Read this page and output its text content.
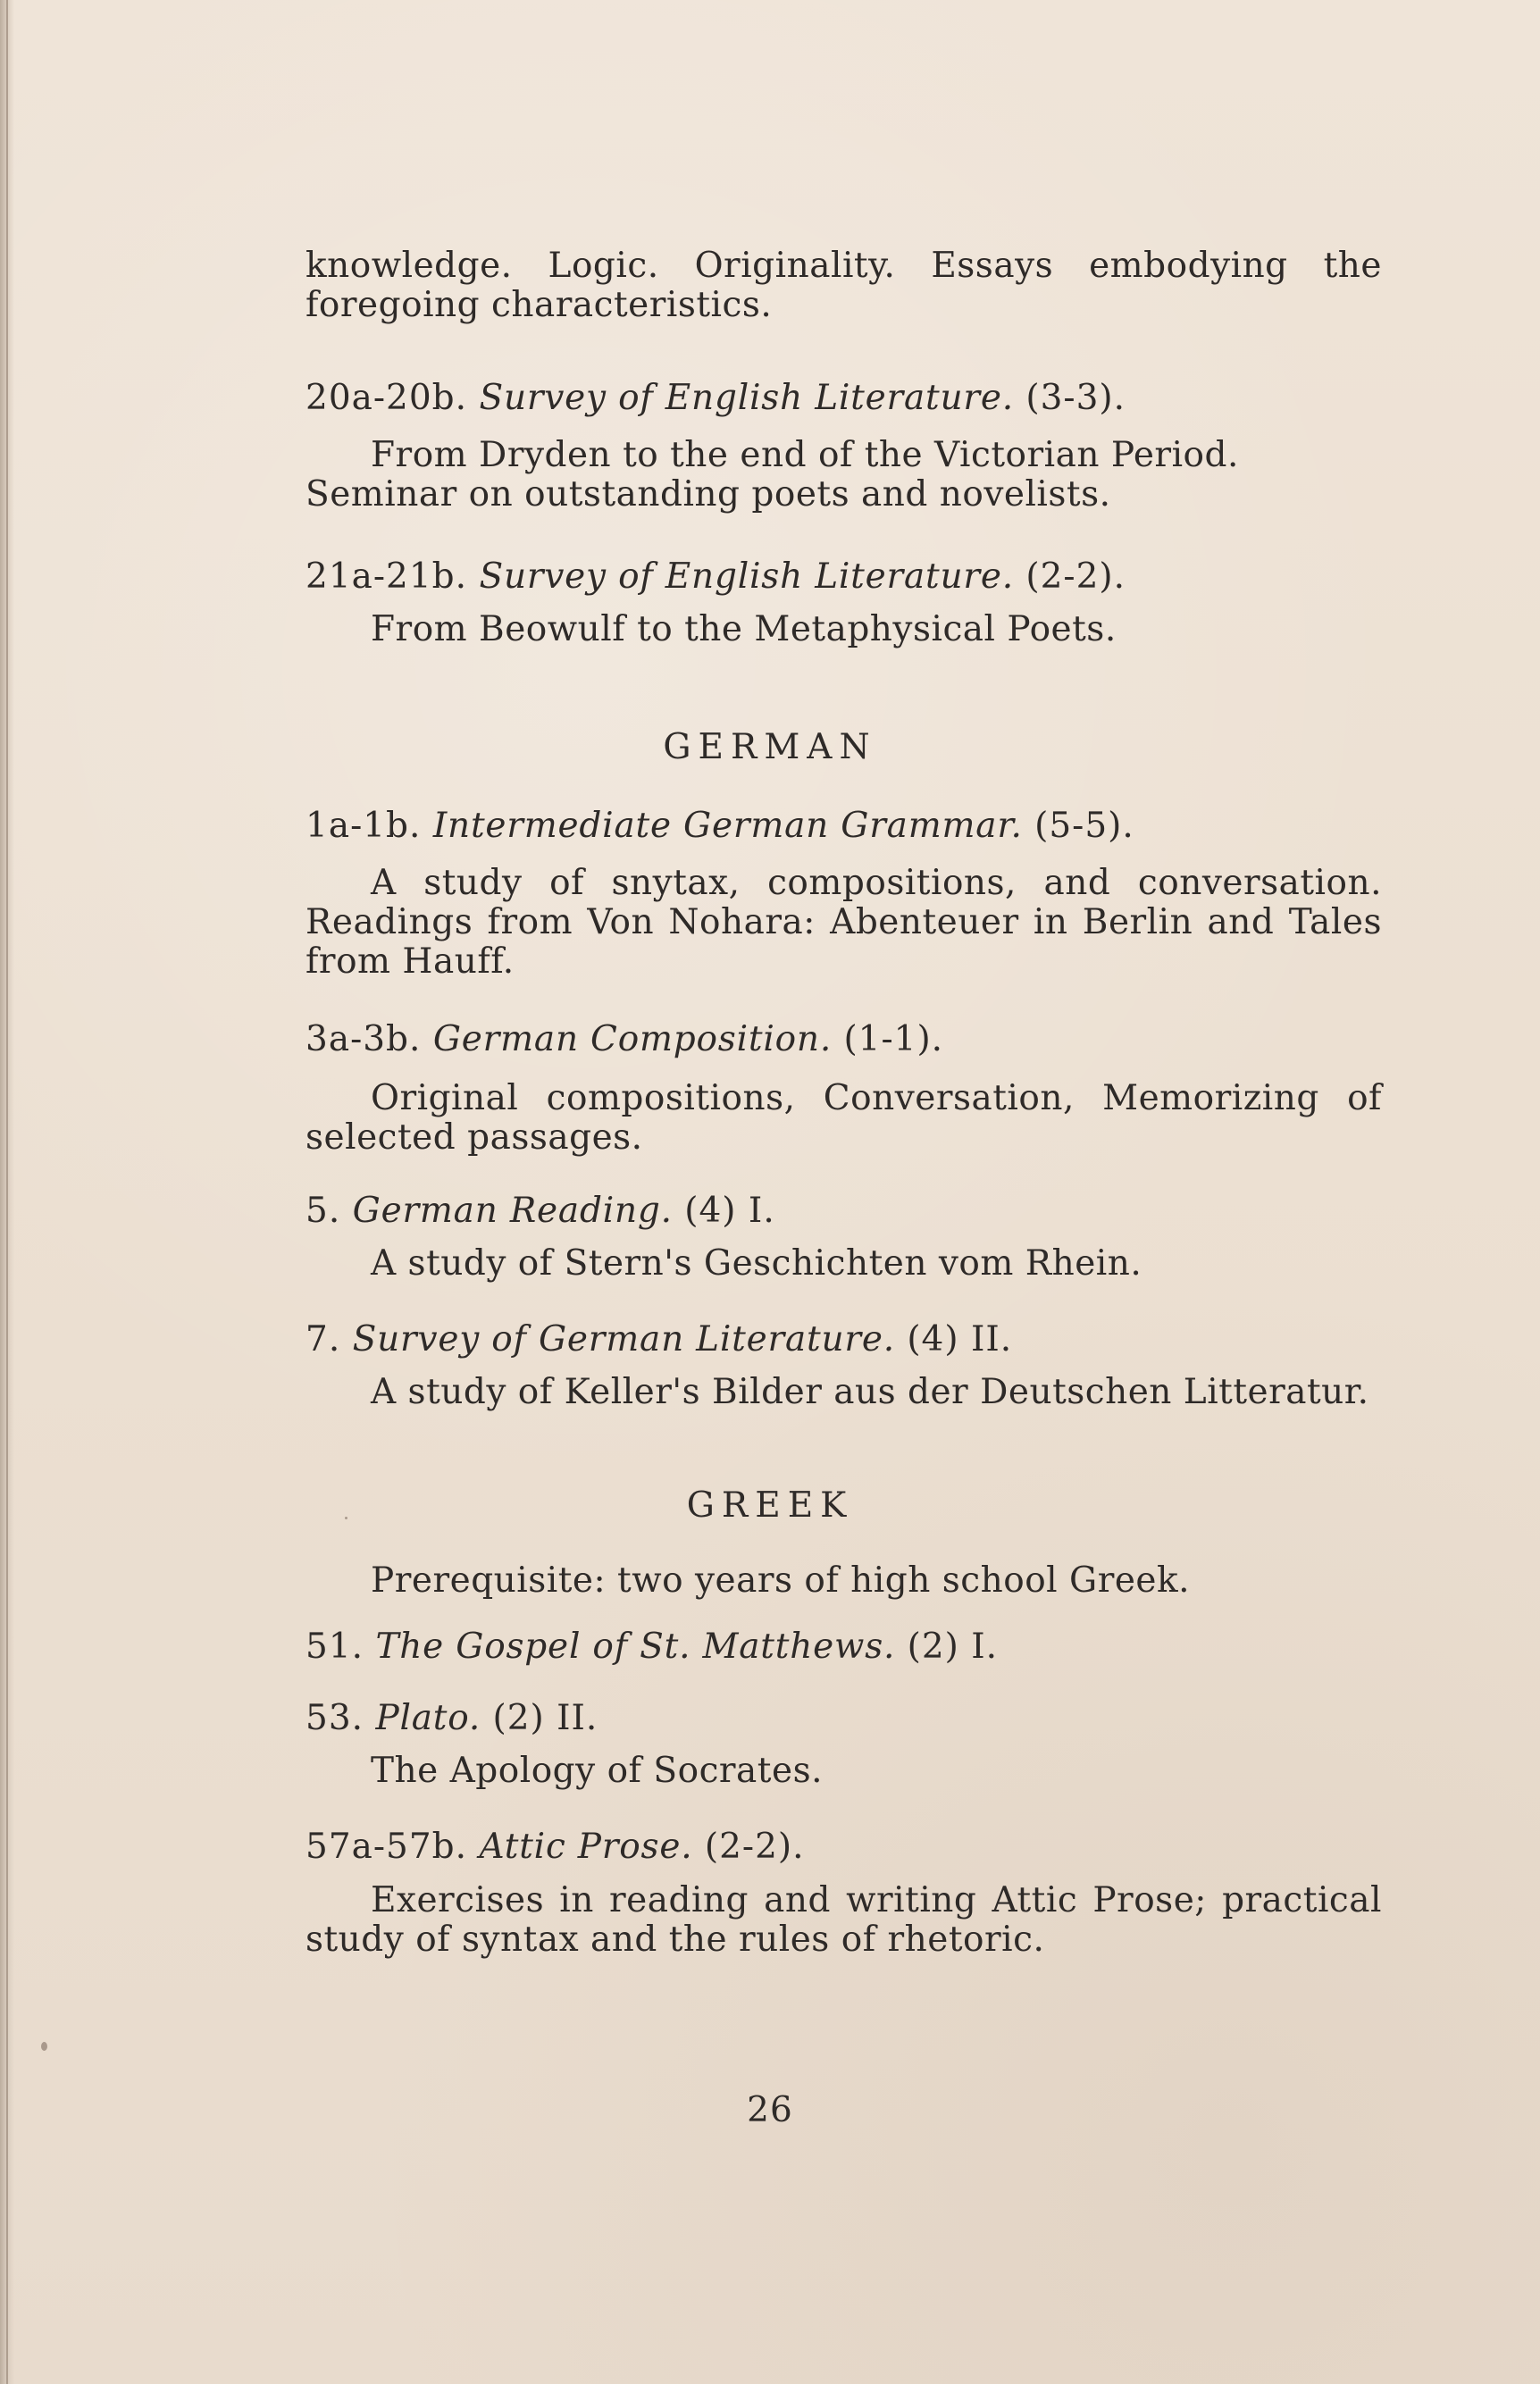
knowledge. Logic. Originality. Essays embodying the foregoing characteristics.
20a-20b. Survey of English Literature. (3-3).
From Dryden to the end of the Victorian Period. Seminar on outstanding poets and novelists.
21a-21b. Survey of English Literature. (2-2).
From Beowulf to the Metaphysical Poets.
GERMAN
1a-1b. Intermediate German Grammar. (5-5).
A study of snytax, compositions, and conversation. Readings from Von Nohara: Abenteuer in Berlin and Tales from Hauff.
3a-3b. German Composition. (1-1).
Original compositions, Conversation, Memorizing of selected passages.
5. German Reading. (4) I.
A study of Stern's Geschichten vom Rhein.
7. Survey of German Literature. (4) II.
A study of Keller's Bilder aus der Deutschen Litteratur.
GREEK
Prerequisite: two years of high school Greek.
51. The Gospel of St. Matthews. (2) I.
53. Plato. (2) II.
The Apology of Socrates.
57a-57b. Attic Prose. (2-2).
Exercises in reading and writing Attic Prose; practical study of syntax and the rules of rhetoric.
26
